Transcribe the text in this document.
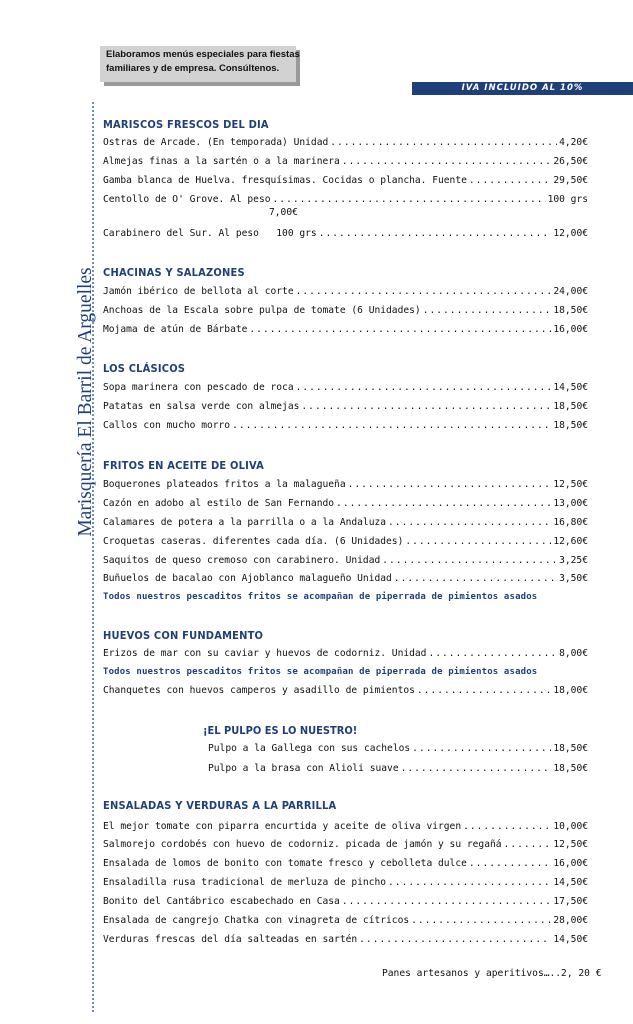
Elaboramos menús especiales para fiestas
familiares y de empresa. Consúltenos.
IVA INCLUIDO AL 10%
Marisquería El Barril de Arguelles
MARISCOS FRESCOS DEL DIA
Ostras de Arcade. (En temporada) Unidad .....	4,20€
Almejas finas a la sartén o a la marinera .....	26,50€
Gamba blanca de Huelva. fresquísimas. Cocidas o plancha. Fuente .....	29,50€
Centollo de O' Grove. Al peso .....	100 grs
7,00€
Carabinero del Sur. Al peso   100 grs .....	12,00€
CHACINAS Y SALAZONES
Jamón ibérico de bellota al corte .....	24,00€
Anchoas de la Escala sobre pulpa de tomate (6 Unidades) .....	18,50€
Mojama de atún de Bárbate .....	16,00€
LOS CLÁSICOS
Sopa marinera con pescado de roca .....	14,50€
Patatas en salsa verde con almejas .....	18,50€
Callos con mucho morro .....	18,50€
FRITOS EN ACEITE DE OLIVA
Boquerones plateados fritos a la malagueña .....	12,50€
Cazón en adobo al estilo de San Fernando .....	13,00€
Calamares de potera a la parrilla o a la Andaluza .....	16,80€
Croquetas caseras. diferentes cada día. (6 Unidades) .....	12,60€
Saquitos de queso cremoso con carabinero. Unidad .....	3,25€
Buñuelos de bacalao con Ajoblanco malagueño Unidad .....	3,50€
Todos nuestros pescaditos fritos se acompañan de piperrada de pimientos asados
HUEVOS CON FUNDAMENTO
Erizos de mar con su caviar y huevos de codorniz. Unidad .....	8,00€
Todos nuestros pescaditos fritos se acompañan de piperrada de pimientos asados
Chanquetes con huevos camperos y asadillo de pimientos .....	18,00€
¡EL PULPO ES LO NUESTRO!
Pulpo a la Gallega con sus cachelos .....	18,50€
Pulpo a la brasa con Alioli suave .....	18,50€
ENSALADAS Y VERDURAS A LA PARRILLA
El mejor tomate con piparra encurtida y aceite de oliva virgen .....	10,00€
Salmorejo cordobés con huevo de codorniz. picada de jamón y su regañá .....	12,50€
Ensalada de lomos de bonito con tomate fresco y cebolleta dulce .....	16,00€
Ensaladilla rusa tradicional de merluza de pincho .....	14,50€
Bonito del Cantábrico escabechado en Casa .....	17,50€
Ensalada de cangrejo Chatka con vinagreta de cítricos .....	28,00€
Verduras frescas del día salteadas en sartén .....	14,50€
Panes artesanos y aperitivos…..2, 20 €
